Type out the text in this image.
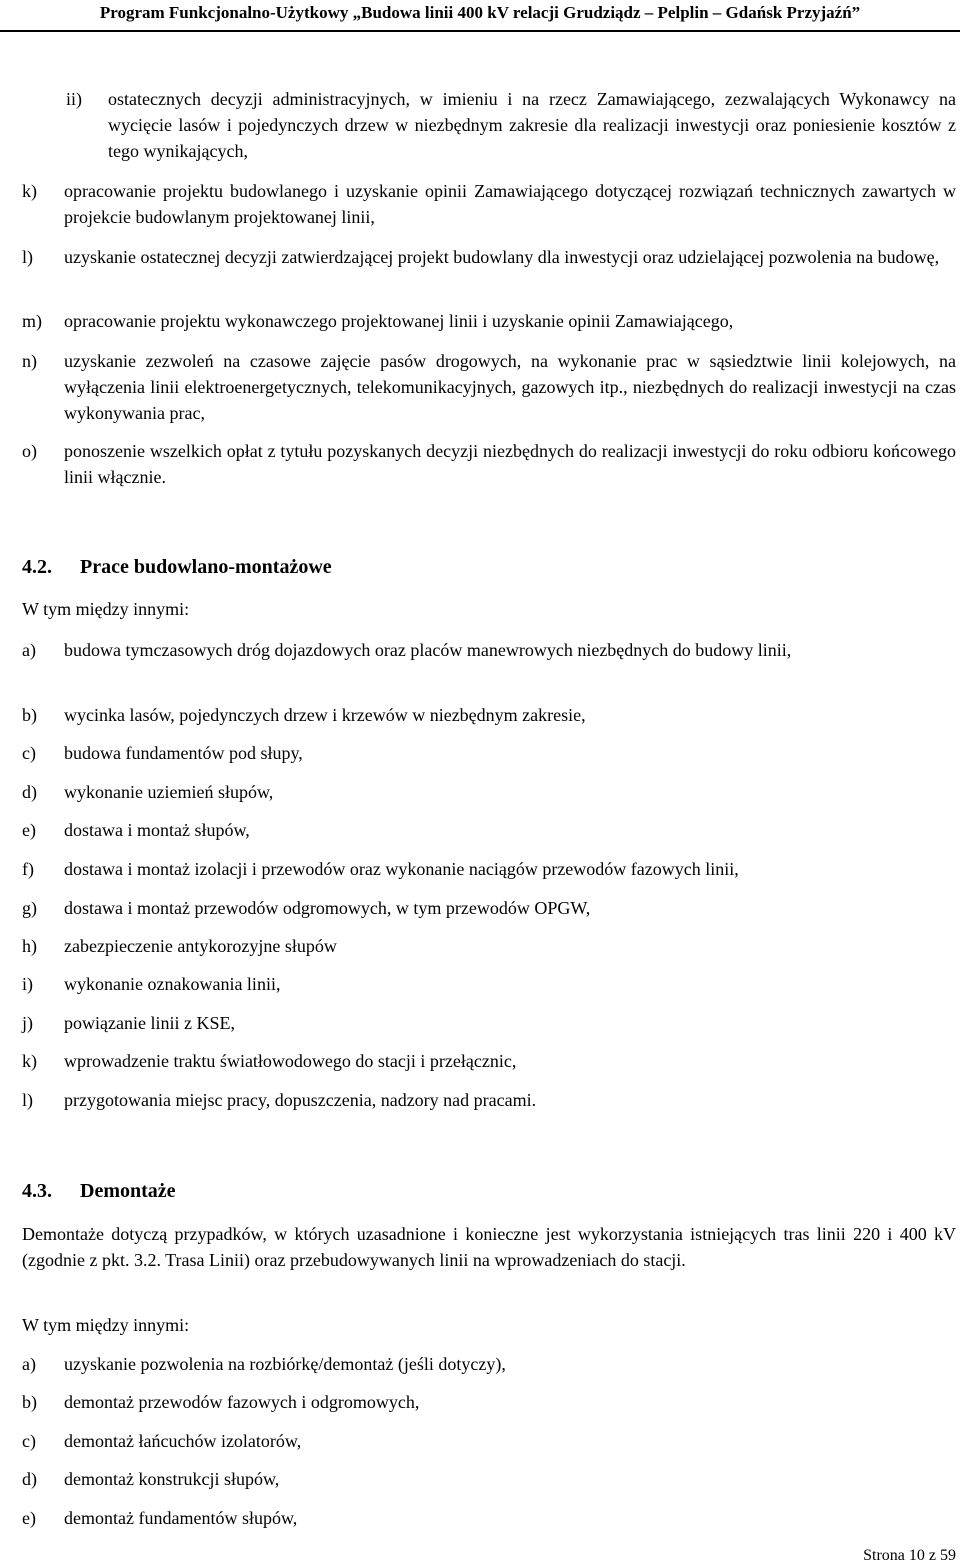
Program Funkcjonalno-Użytkowy „Budowa linii 400 kV relacji Grudziądz – Pelplin – Gdańsk Przyjaźń”
ii) ostatecznych decyzji administracyjnych, w imieniu i na rzecz Zamawiającego, zezwalających Wykonawcy na wycięcie lasów i pojedynczych drzew w niezbędnym zakresie dla realizacji inwestycji oraz poniesienie kosztów z tego wynikających,
k) opracowanie projektu budowlanego i uzyskanie opinii Zamawiającego dotyczącej rozwiązań technicznych zawartych w projekcie budowlanym projektowanej linii,
l) uzyskanie ostatecznej decyzji zatwierdzającej projekt budowlany dla inwestycji oraz udzielającej pozwolenia na budowę,
m) opracowanie projektu wykonawczego projektowanej linii i uzyskanie opinii Zamawiającego,
n) uzyskanie zezwoleń na czasowe zajęcie pasów drogowych, na wykonanie prac w sąsiedztwie linii kolejowych, na wyłączenia linii elektroenergetycznych, telekomunikacyjnych, gazowych itp., niezbędnych do realizacji inwestycji na czas wykonywania prac,
o) ponoszenie wszelkich opłat z tytułu pozyskanych decyzji niezbędnych do realizacji inwestycji do roku odbioru końcowego linii włącznie.
4.2. Prace budowlano-montażowe
W tym między innymi:
a) budowa tymczasowych dróg dojazdowych oraz placów manewrowych niezbędnych do budowy linii,
b) wycinka lasów, pojedynczych drzew i krzewów w niezbędnym zakresie,
c) budowa fundamentów pod słupy,
d) wykonanie uziemień słupów,
e) dostawa i montaż słupów,
f) dostawa i montaż izolacji i przewodów oraz wykonanie naciągów przewodów fazowych linii,
g) dostawa i montaż przewodów odgromowych, w tym przewodów OPGW,
h) zabezpieczenie antykorozyjne słupów
i) wykonanie oznakowania linii,
j) powiązanie linii z KSE,
k) wprowadzenie traktu światłowodowego do stacji i przełącznic,
l) przygotowania miejsc pracy, dopuszczenia, nadzory nad pracami.
4.3. Demontaże
Demontaże dotyczą przypadków, w których uzasadnione i konieczne jest wykorzystania istniejących tras linii 220 i 400 kV (zgodnie z pkt. 3.2. Trasa Linii) oraz przebudowywanych linii na wprowadzeniach do stacji.
W tym między innymi:
a) uzyskanie pozwolenia na rozbiórkę/demontaż (jeśli dotyczy),
b) demontaż przewodów fazowych i odgromowych,
c) demontaż łańcuchów izolatorów,
d) demontaż konstrukcji słupów,
e) demontaż fundamentów słupów,
Strona 10 z 59
